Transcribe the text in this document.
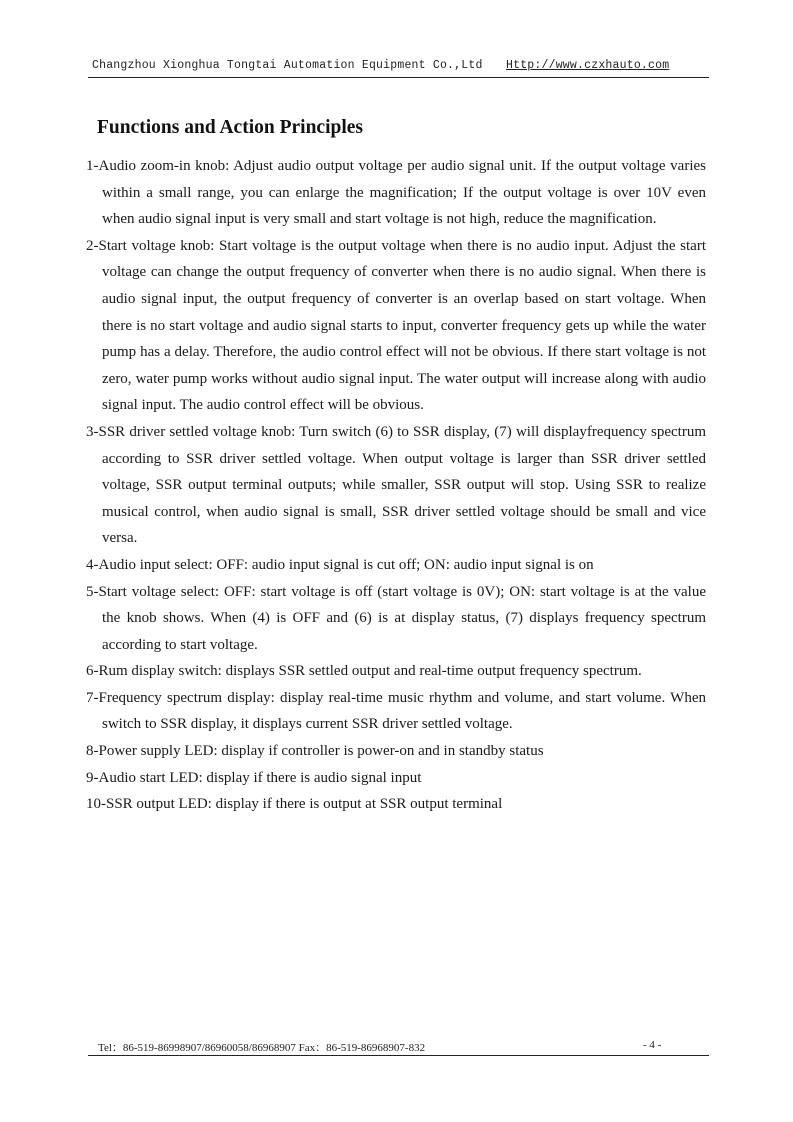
Changzhou Xionghua Tongtai Automation Equipment Co.,Ltd Http://www.czxhauto.com
Functions and Action Principles
1-Audio zoom-in knob: Adjust audio output voltage per audio signal unit. If the output voltage varies within a small range, you can enlarge the magnification; If the output voltage is over 10V even when audio signal input is very small and start voltage is not high, reduce the magnification.
2-Start voltage knob: Start voltage is the output voltage when there is no audio input. Adjust the start voltage can change the output frequency of converter when there is no audio signal. When there is audio signal input, the output frequency of converter is an overlap based on start voltage. When there is no start voltage and audio signal starts to input, converter frequency gets up while the water pump has a delay. Therefore, the audio control effect will not be obvious. If there start voltage is not zero, water pump works without audio signal input. The water output will increase along with audio signal input. The audio control effect will be obvious.
3-SSR driver settled voltage knob: Turn switch (6) to SSR display, (7) will displayfrequency spectrum according to SSR driver settled voltage. When output voltage is larger than SSR driver settled voltage, SSR output terminal outputs; while smaller, SSR output will stop. Using SSR to realize musical control, when audio signal is small, SSR driver settled voltage should be small and vice versa.
4-Audio input select: OFF: audio input signal is cut off; ON: audio input signal is on
5-Start voltage select: OFF: start voltage is off (start voltage is 0V); ON: start voltage is at the value the knob shows. When (4) is OFF and (6) is at display status, (7) displays frequency spectrum according to start voltage.
6-Rum display switch: displays SSR settled output and real-time output frequency spectrum.
7-Frequency spectrum display: display real-time music rhythm and volume, and start volume. When switch to SSR display, it displays current SSR driver settled voltage.
8-Power supply LED: display if controller is power-on and in standby status
9-Audio start LED: display if there is audio signal input
10-SSR output LED: display if there is output at SSR output terminal
Tel：86-519-86998907/86960058/86968907 Fax：86-519-86968907-832	- 4 -
